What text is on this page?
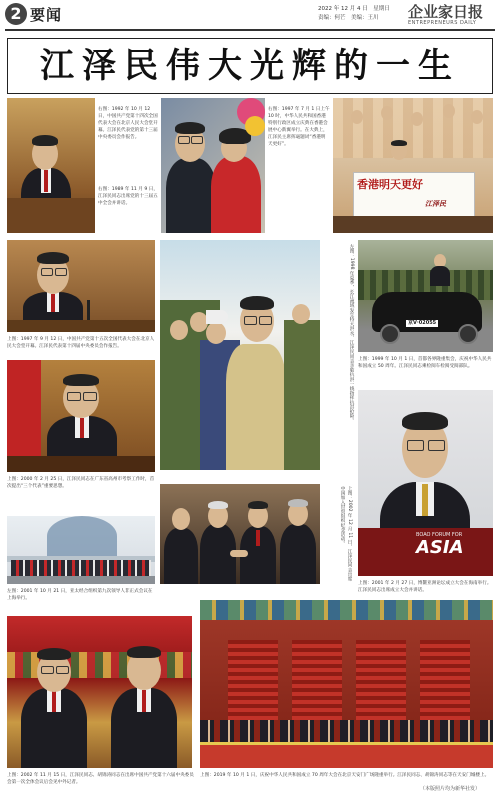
2 要闻	2022 年 12 月 4 日　星期日
责编：何芒　美编：王川 企业家日报
ENTREPRENEURS DAILY
江泽民伟大光辉的一生
右图：1992 年 10 月 12 日，中国共产党第十四次全国代表大会在北京人民大会堂开幕。江泽民代表党的第十三届中央委员会作报告。
右图：1989 年 11 月 9 日，江泽民同志出席党的十三届五中全会并讲话。
右图：1997 年 7 月 1 日上午 10 时，中华人民共和国香港特别行政区成立庆典在香港会展中心新翼举行。在大典上，江泽民主席挥毫题词“香港明天更好”。
香港明天更好
江泽民
上图：1997 年 9 月 12 日，中国共产党第十五次全国代表大会在北京人民大会堂开幕。江泽民代表第十四届中央委员会作报告。	左图：1998 年夏季，长江流域发生特大洪水，江泽民同志亲临抗洪一线指挥抗洪抢险。	京V·02055
上图：1999 年 10 月 1 日，首都各界隆重集会，庆祝中华人民共和国成立 50 周年。江泽民同志乘检阅车检阅受阅部队。
上图：2000 年 2 月 25 日，江泽民同志在广东省高州市考察工作时，首次提出“三个代表”重要思想。
左图：2001 年 10 月 21 日，亚太经合组织第九次领导人非正式会议在上海举行。
上图：2002 年 12 月 11 日，江泽民同志出席中国加入世贸组织纪念活动。	BOAO FORUM FOR
ASIA
上图：2001 年 2 月 27 日，博鳌亚洲论坛成立大会在海南举行。江泽民同志出席成立大会并讲话。
上图：2002 年 11 月 15 日，江泽民同志、胡锦涛同志在出席中国共产党第十六届中央委员会第一次全体会议后会见中外记者。
上图：2019 年 10 月 1 日，庆祝中华人民共和国成立 70 周年大会在北京天安门广场隆重举行。江泽民同志、胡锦涛同志等在天安门城楼上。
（本版照片均为新华社发）
